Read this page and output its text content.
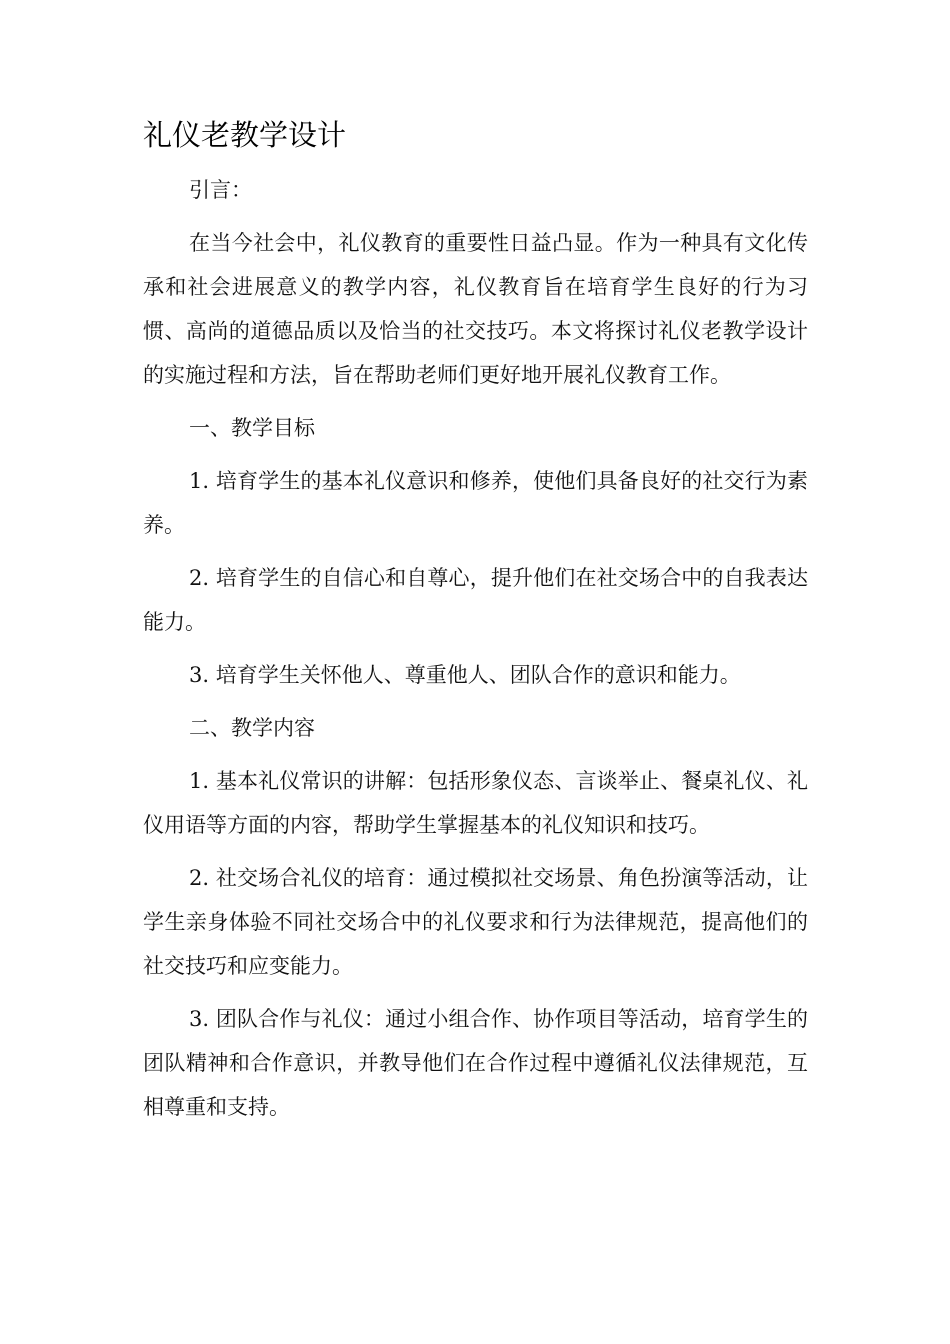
礼仪老教学设计

引言：

在当今社会中，礼仪教育的重要性日益凸显。作为一种具有文化传承和社会进展意义的教学内容，礼仪教育旨在培育学生良好的行为习惯、高尚的道德品质以及恰当的社交技巧。本文将探讨礼仪老教学设计的实施过程和方法，旨在帮助老师们更好地开展礼仪教育工作。

一、教学目标

1. 培育学生的基本礼仪意识和修养，使他们具备良好的社交行为素养。

2. 培育学生的自信心和自尊心，提升他们在社交场合中的自我表达能力。

3. 培育学生关怀他人、尊重他人、团队合作的意识和能力。

二、教学内容

1. 基本礼仪常识的讲解：包括形象仪态、言谈举止、餐桌礼仪、礼仪用语等方面的内容，帮助学生掌握基本的礼仪知识和技巧。

2. 社交场合礼仪的培育：通过模拟社交场景、角色扮演等活动，让学生亲身体验不同社交场合中的礼仪要求和行为法律规范，提高他们的社交技巧和应变能力。

3. 团队合作与礼仪：通过小组合作、协作项目等活动，培育学生的团队精神和合作意识，并教导他们在合作过程中遵循礼仪法律规范，互相尊重和支持。
